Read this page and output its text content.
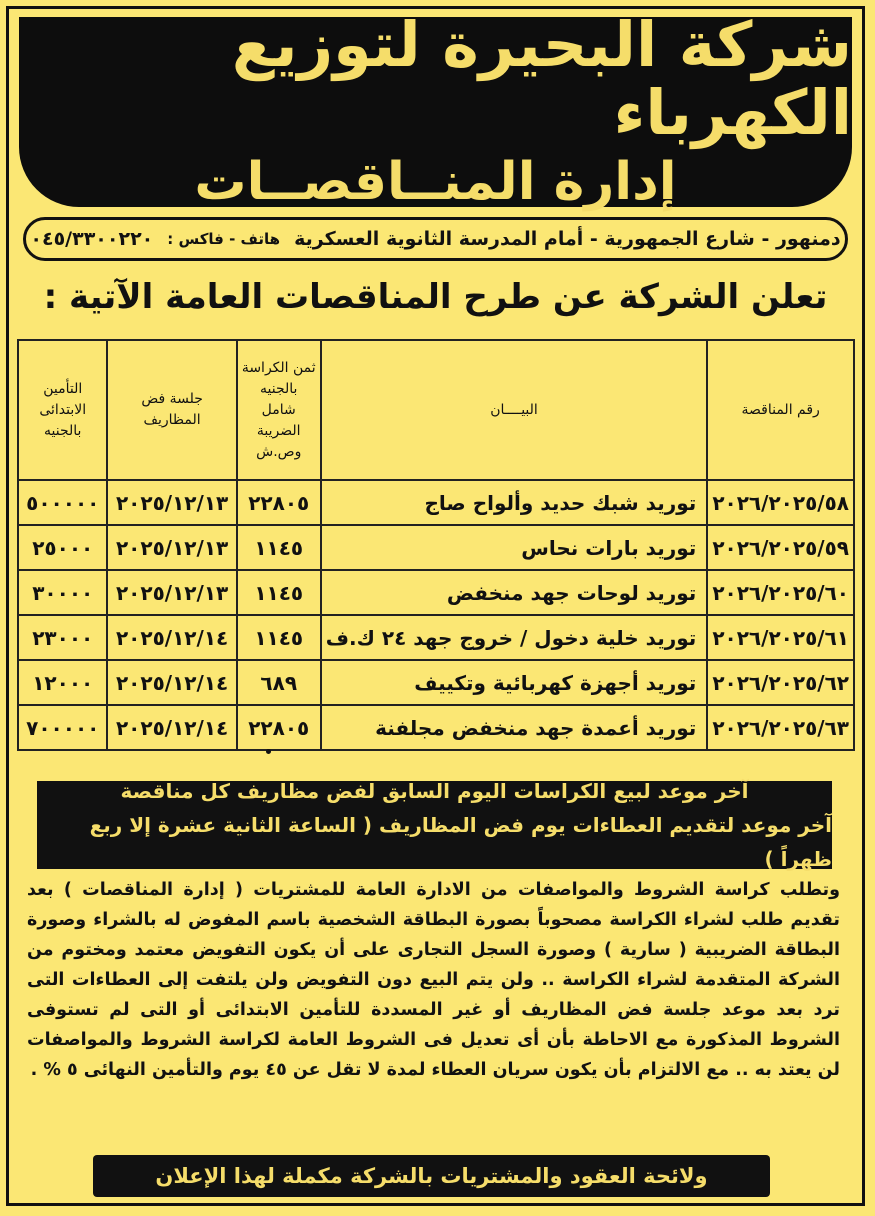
شركة البحيرة لتوزيع الكهرباء
إدارة المنــاقصــات
دمنهور - شارع الجمهورية - أمام المدرسة الثانوية العسكرية
هاتف - فاكس :
٠٤٥/٣٣٠٠٢٢٠
تعلن الشركة عن طرح المناقصات العامة الآتية :
رقم المناقصة	البيــــان	ثمن الكراسة بالجنيه شامل الضريبة وص.ش	جلسة فض المظاريف	التأمين الابتدائى بالجنيه
٢٠٢٦/٢٠٢٥/٥٨	توريد شبك حديد وألواح صاج	٢٢٨٠٥	٢٠٢٥/١٢/١٣	٥٠٠٠٠٠
٢٠٢٦/٢٠٢٥/٥٩	توريد بارات نحاس	١١٤٥	٢٠٢٥/١٢/١٣	٢٥٠٠٠
٢٠٢٦/٢٠٢٥/٦٠	توريد لوحات جهد منخفض	١١٤٥	٢٠٢٥/١٢/١٣	٣٠٠٠٠
٢٠٢٦/٢٠٢٥/٦١	توريد خلية دخول / خروج جهد ٢٤ ك.ف	١١٤٥	٢٠٢٥/١٢/١٤	٢٣٠٠٠
٢٠٢٦/٢٠٢٥/٦٢	توريد أجهزة كهربائية وتكييف	٦٨٩	٢٠٢٥/١٢/١٤	١٢٠٠٠
٢٠٢٦/٢٠٢٥/٦٣	توريد أعمدة جهد منخفض مجلفنة	٢٢٨٠٥	٢٠٢٥/١٢/١٤	٧٠٠٠٠٠
آخر موعد لبيع الكراسات اليوم السابق لفض مظاريف كل مناقصة
آخر موعد لتقديم العطاءات يوم فض المظاريف ( الساعة الثانية عشرة إلا ربع ظهراً )

وتطلب كراسة الشروط والمواصفات من الادارة العامة للمشتريات ( إدارة المناقصات ) بعد تقديم طلب لشراء الكراسة مصحوباً بصورة البطاقة الشخصية باسم المفوض له بالشراء وصورة البطاقة الضريبية ( سارية ) وصورة السجل التجارى على أن يكون التفويض معتمد ومختوم من الشركة المتقدمة لشراء الكراسة .. ولن يتم البيع دون التفويض ولن يلتفت إلى العطاءات التى ترد بعد موعد جلسة فض المظاريف أو غير المسددة للتأمين الابتدائى أو التى لم تستوفى الشروط المذكورة مع الاحاطة بأن أى تعديل فى الشروط العامة لكراسة الشروط والمواصفات لن يعتد به .. مع الالتزام بأن يكون سريان العطاء لمدة لا تقل عن ٤٥ يوم والتأمين النهائى ٥ % .

ولائحة العقود والمشتريات بالشركة مكملة لهذا الإعلان
